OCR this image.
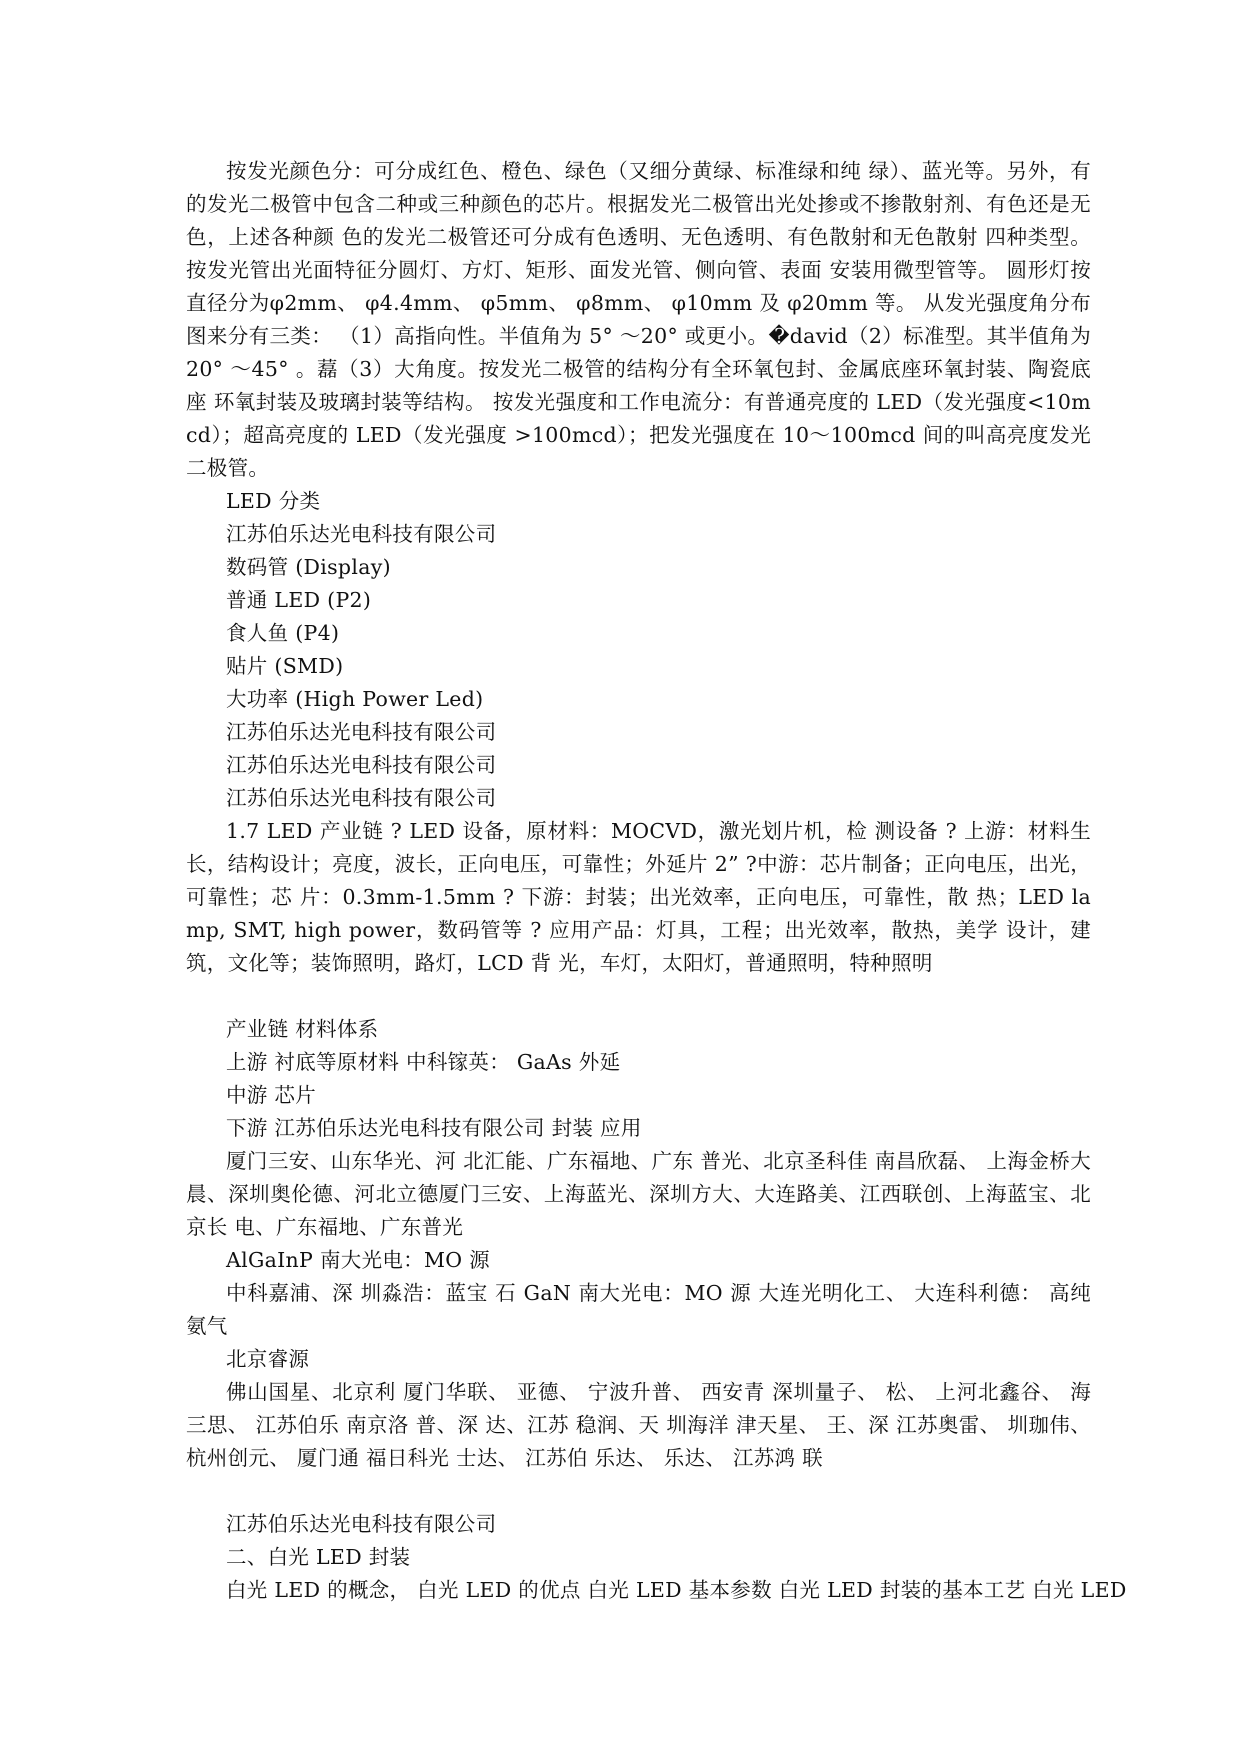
按发光颜色分：可分成红色、橙色、绿色（又细分黄绿、标准绿和纯 绿）、蓝光等。另外，有的发光二极管中包含二种或三种颜色的芯片。根据发光二极管出光处掺或不掺散射剂、有色还是无色，上述各种颜 色的发光二极管还可分成有色透明、无色透明、有色散射和无色散射 四种类型。 按发光管出光面特征分圆灯、方灯、矩形、面发光管、侧向管、表面 安装用微型管等。 圆形灯按直径分为φ2mm、 φ4.4mm、 φ5mm、 φ8mm、 φ10mm 及 φ20mm 等。 从发光强度角分布图来分有三类： （1）高指向性。半值角为 5° ～20° 或更小。�david（2）标准型。其半值角为 20° ～45° 。藞（3）大角度。按发光二极管的结构分有全环氧包封、金属底座环氧封装、陶瓷底座 环氧封装及玻璃封装等结构。 按发光强度和工作电流分：有普通亮度的 LED（发光强度<10mcd）；超高亮度的 LED（发光强度 >100mcd）；把发光强度在 10～100mcd 间的叫高亮度发光二极管。

LED 分类

江苏伯乐达光电科技有限公司

数码管 (Display)

普通 LED (P2)

食人鱼 (P4)

贴片 (SMD)

大功率 (High Power Led)

江苏伯乐达光电科技有限公司

江苏伯乐达光电科技有限公司

江苏伯乐达光电科技有限公司

1.7 LED 产业链 ? LED 设备，原材料：MOCVD，激光划片机，检 测设备 ? 上游：材料生长，结构设计；亮度，波长，正向电压，可靠性；外延片 2” ?中游：芯片制备；正向电压，出光，可靠性；芯 片：0.3mm-1.5mm ? 下游：封装；出光效率，正向电压，可靠性，散 热；LED lamp, SMT, high power，数码管等 ? 应用产品：灯具，工程；出光效率，散热，美学 设计，建筑，文化等；装饰照明，路灯，LCD 背 光，车灯，太阳灯，普通照明，特种照明

产业链 材料体系

上游 衬底等原材料 中科镓英： GaAs 外延

中游 芯片

下游 江苏伯乐达光电科技有限公司 封装 应用

厦门三安、山东华光、河 北汇能、广东福地、广东 普光、北京圣科佳 南昌欣磊、 上海金桥大晨、深圳奥伦德、河北立德厦门三安、上海蓝光、深圳方大、大连路美、江西联创、上海蓝宝、北京长 电、广东福地、广东普光

AlGaInP 南大光电：MO 源

中科嘉浦、深 圳淼浩：蓝宝 石 GaN 南大光电：MO 源 大连光明化工、 大连科利德： 高纯氨气

北京睿源

佛山国星、北京利 厦门华联、 亚德、 宁波升普、 西安青 深圳量子、 松、 上河北鑫谷、 海三思、 江苏伯乐 南京洛 普、深 达、江苏 稳润、天 圳海洋 津天星、 王、深 江苏奥雷、 圳珈伟、 杭州创元、 厦门通 福日科光 士达、 江苏伯 乐达、 乐达、 江苏鸿 联

江苏伯乐达光电科技有限公司

二、白光 LED 封装

白光 LED 的概念， 白光 LED 的优点 白光 LED 基本参数 白光 LED 封装的基本工艺 白光 LED
